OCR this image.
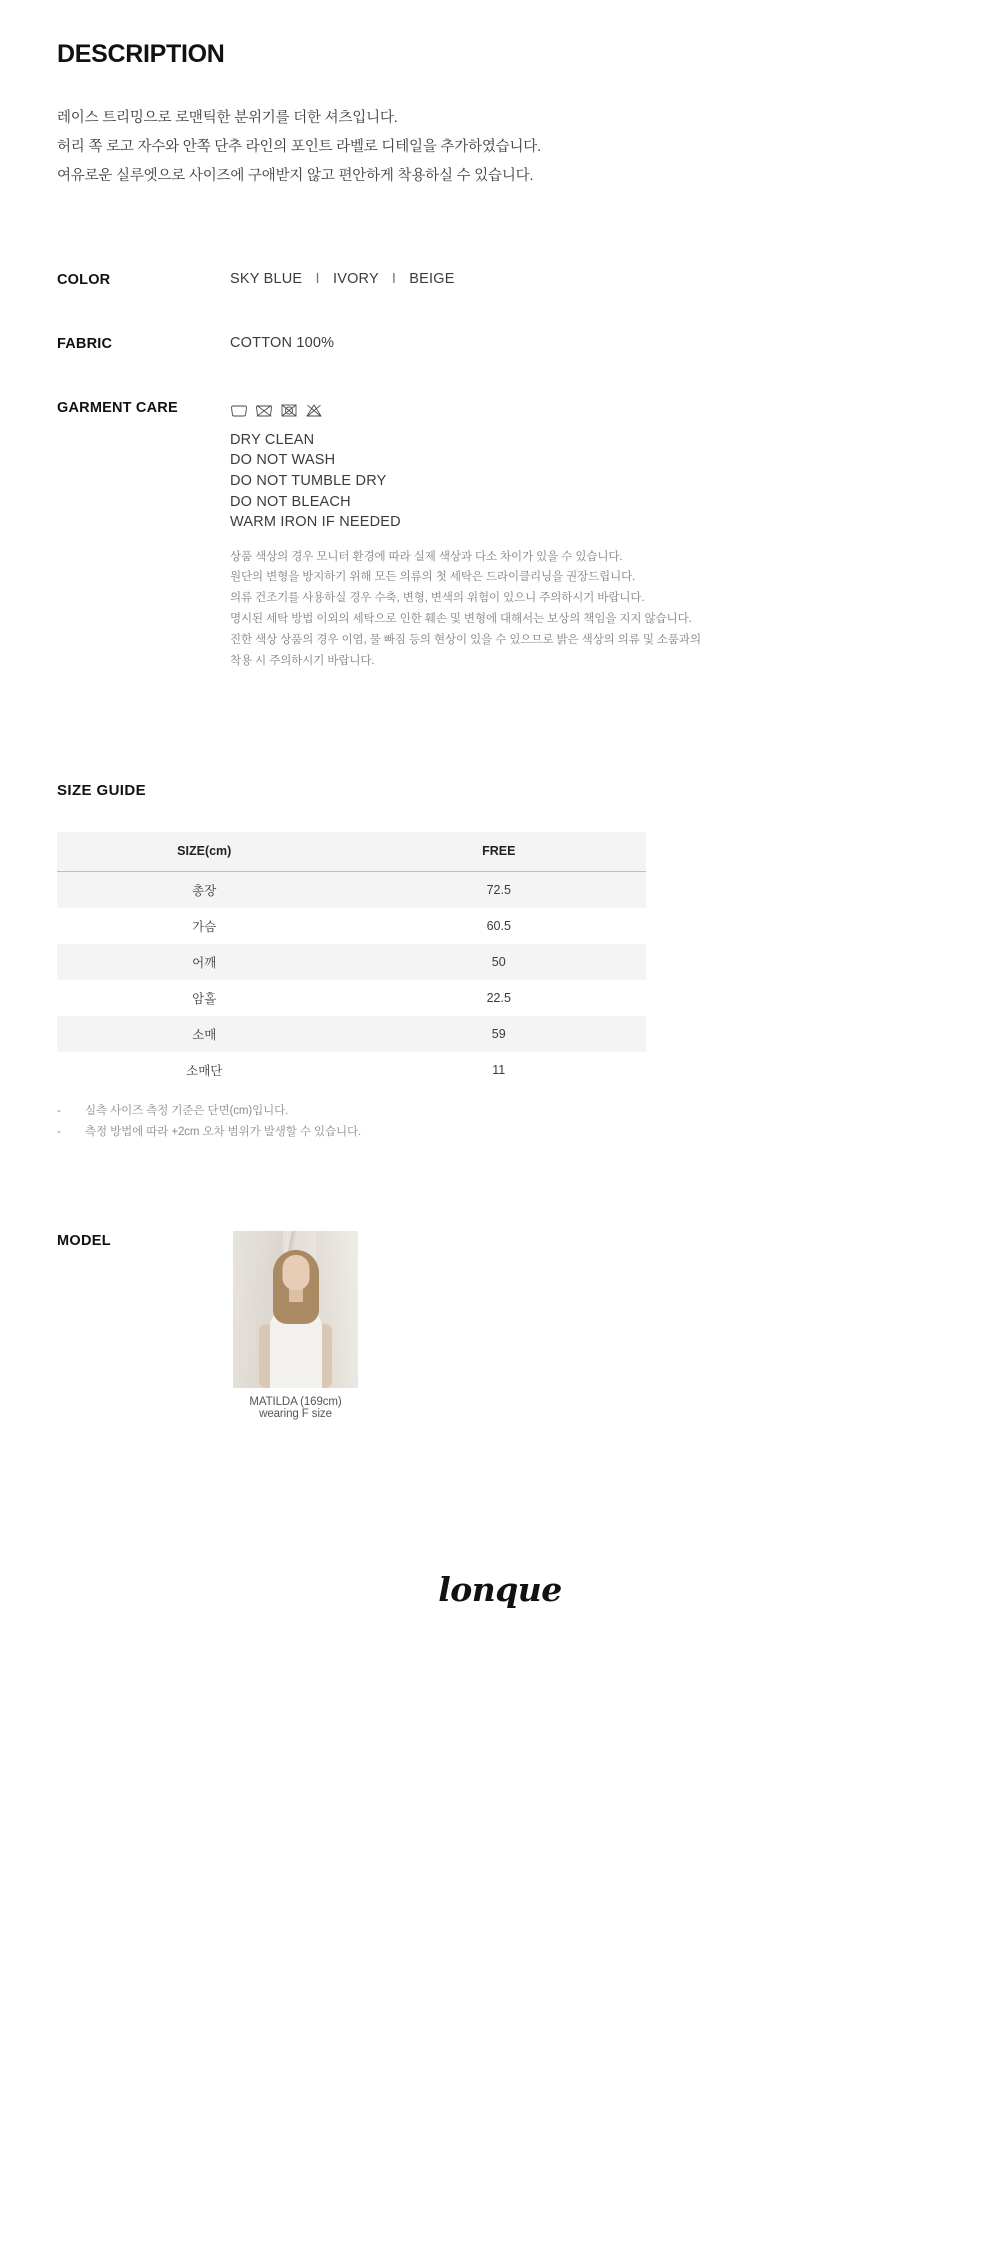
DESCRIPTION

레이스 트리밍으로 로맨틱한 분위기를 더한 셔츠입니다.

허리 쪽 로고 자수와 안쪽 단추 라인의 포인트 라벨로 디테일을 추가하였습니다.

여유로운 실루엣으로 사이즈에 구애받지 않고 편안하게 착용하실 수 있습니다.

COLOR	SKY BLUE I IVORY I BEIGE
FABRIC	COTTON 100%
GARMENT CARE
DRY CLEAN
DO NOT WASH
DO NOT TUMBLE DRY
DO NOT BLEACH
WARM IRON IF NEEDED

상품 색상의 경우 모니터 환경에 따라 실제 색상과 다소 차이가 있을 수 있습니다.

원단의 변형을 방지하기 위해 모든 의류의 첫 세탁은 드라이클리닝을 권장드립니다.

의류 건조기를 사용하실 경우 수축, 변형, 변색의 위험이 있으니 주의하시기 바랍니다.

명시된 세탁 방법 이외의 세탁으로 인한 훼손 및 변형에 대해서는 보상의 책임을 지지 않습니다.

진한 색상 상품의 경우 이염, 물 빠짐 등의 현상이 있을 수 있으므로 밝은 색상의 의류 및 소품과의

착용 시 주의하시기 바랍니다.

SIZE GUIDE
SIZE(cm)	FREE
총장	72.5
가슴	60.5
어깨	50
암홀	22.5
소매	59
소매단	11

- 실측 사이즈 측정 기준은 단면(cm)입니다.

- 측정 방법에 따라 +2cm 오차 범위가 발생할 수 있습니다.

MODEL
MATILDA (169cm) wearing F size
lonque
